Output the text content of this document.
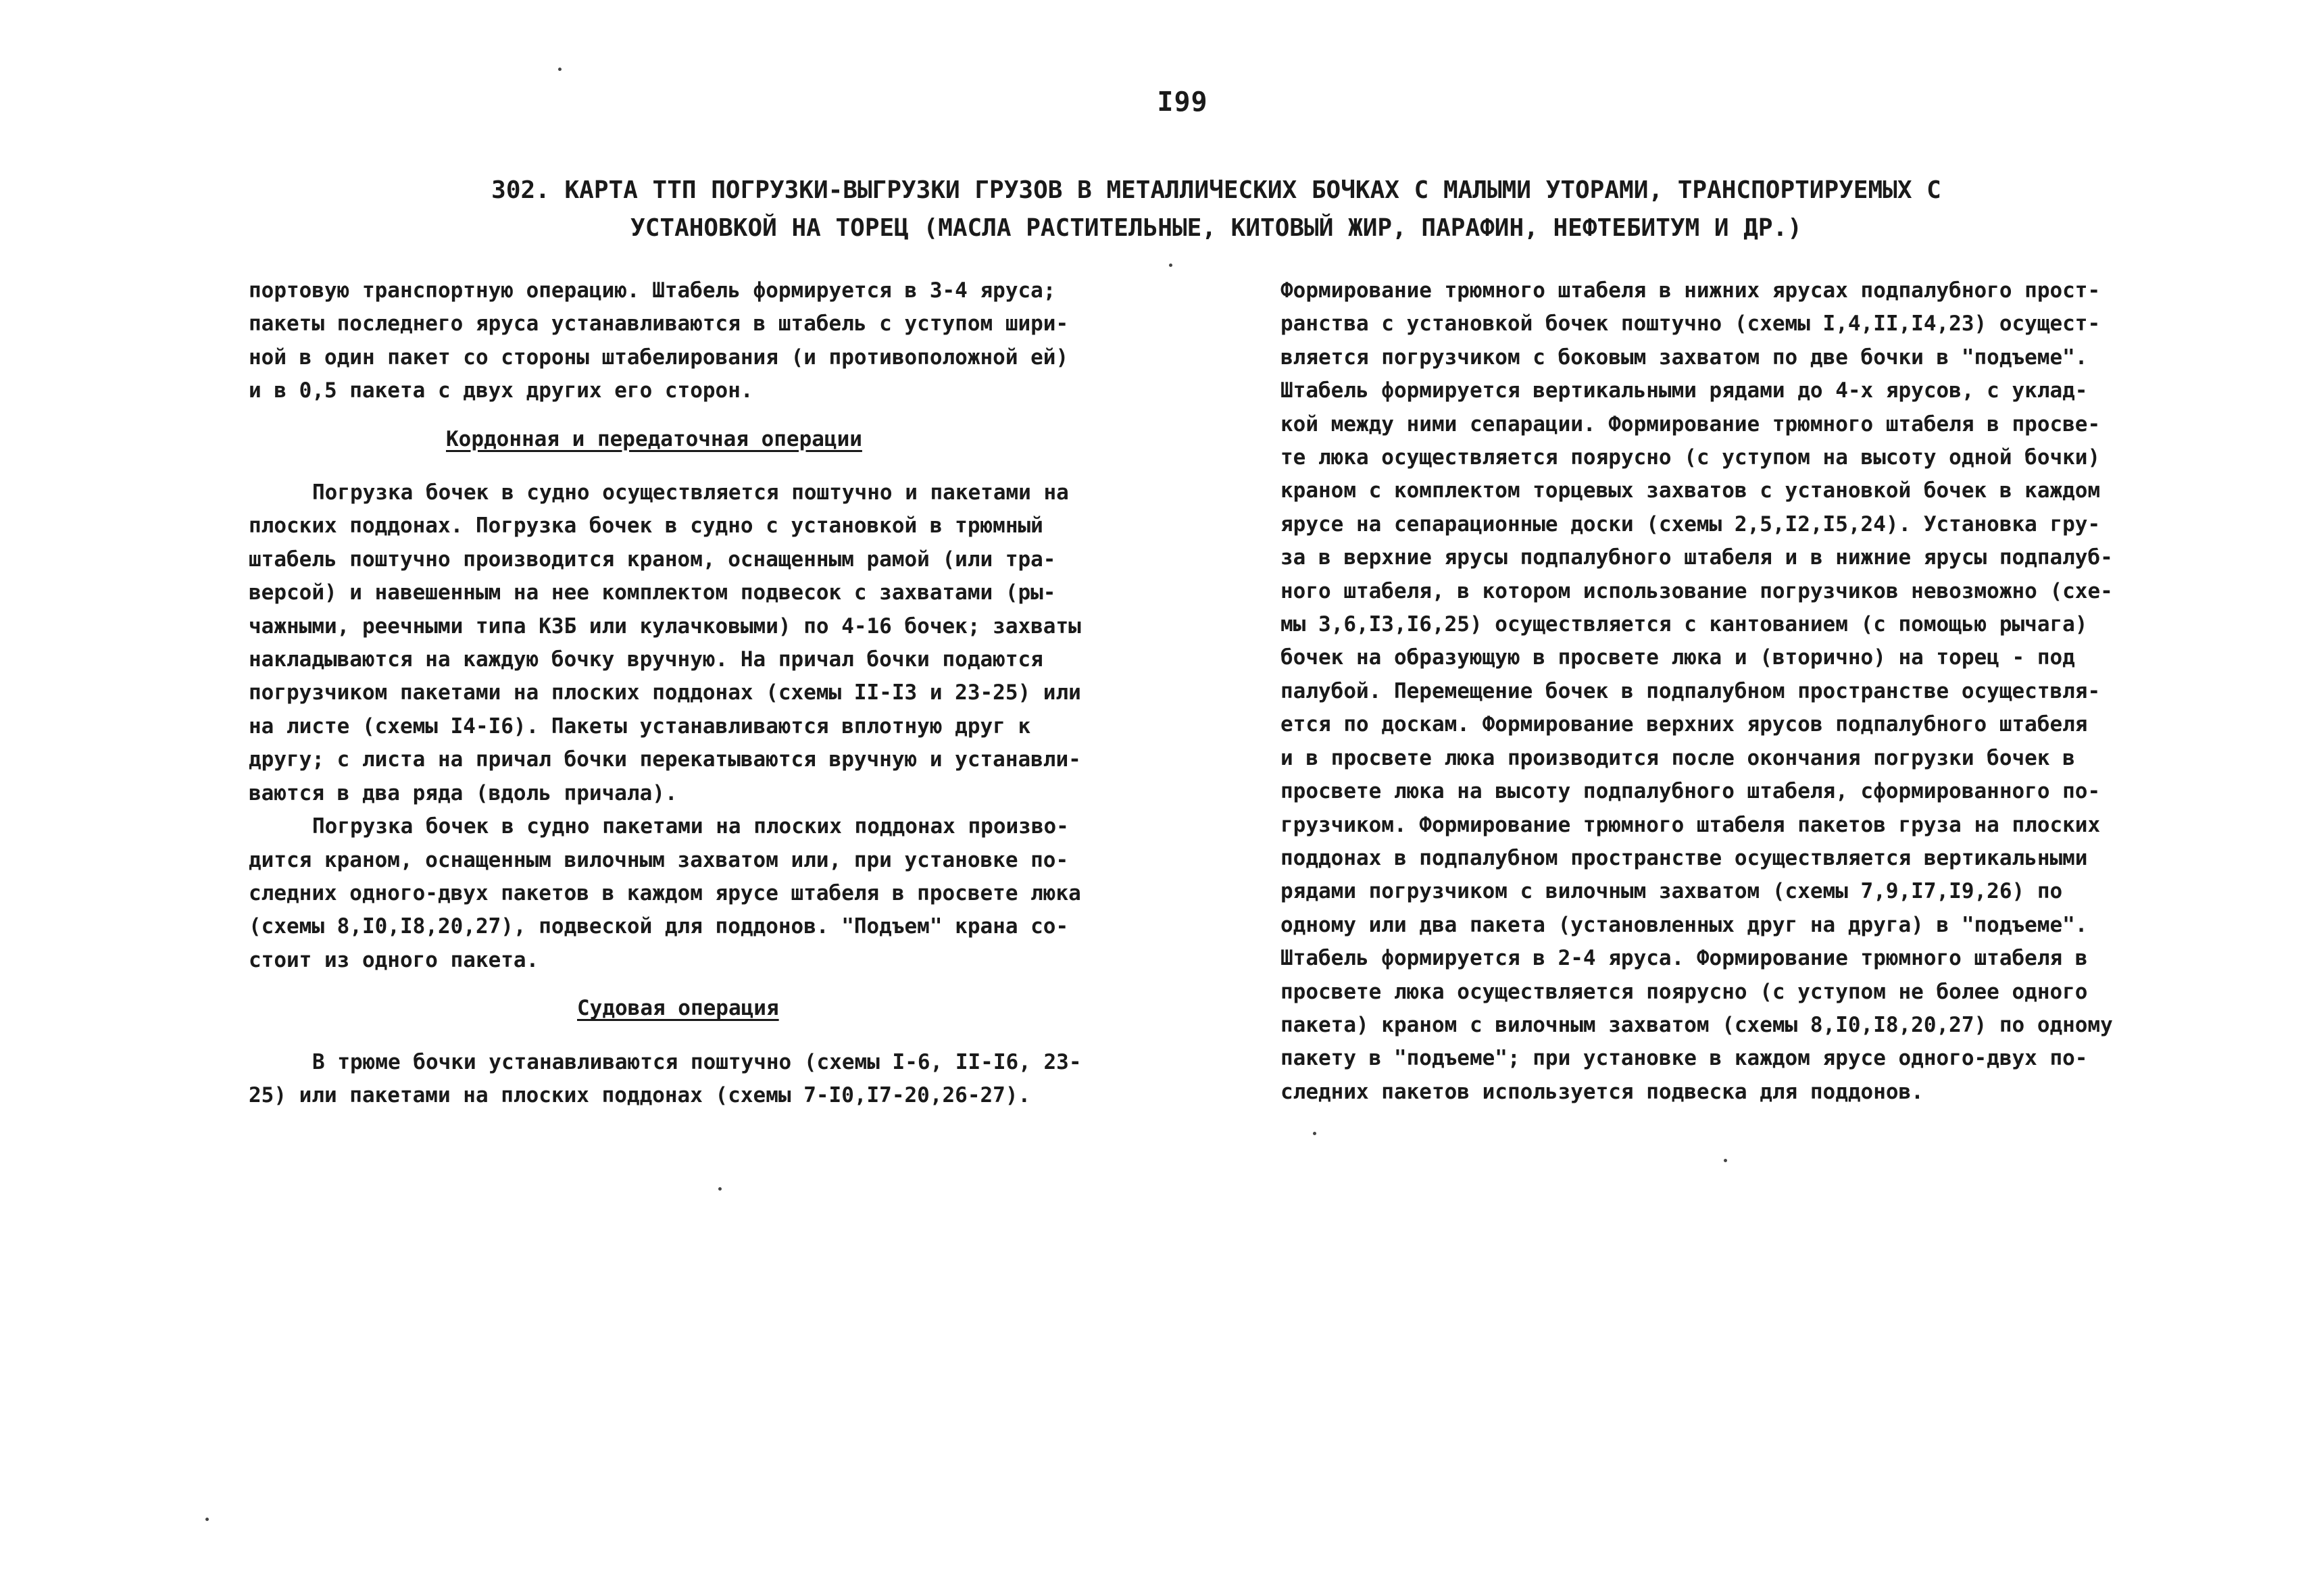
I99
302. КАРТА ТТП ПОГРУЗКИ-ВЫГРУЗКИ ГРУЗОВ В МЕТАЛЛИЧЕСКИХ БОЧКАХ С МАЛЫМИ УТОРАМИ, ТРАНСПОРТИРУЕМЫХ С
УСТАНОВКОЙ НА ТОРЕЦ (МАСЛА РАСТИТЕЛЬНЫЕ, КИТОВЫЙ ЖИР, ПАРАФИН, НЕФТЕБИТУМ И ДР.)
портовую транспортную операцию. Штабель формируется в 3-4 яруса;
пакеты последнего яруса устанавливаются в штабель с уступом шири-
ной в один пакет со стороны штабелирования (и противоположной ей)
и в 0,5 пакета с двух других его сторон.
Кордонная и передаточная операции
Погрузка бочек в судно осуществляется поштучно и пакетами на
плоских поддонах. Погрузка бочек в судно с установкой в трюмный
штабель поштучно производится краном, оснащенным рамой (или тра-
версой) и навешенным на нее комплектом подвесок с захватами (ры-
чажными, реечными типа КЗБ или кулачковыми) по 4-16 бочек; захваты
накладываются на каждую бочку вручную. На причал бочки подаются
погрузчиком пакетами на плоских поддонах (схемы II-I3 и 23-25) или
на листе (схемы I4-I6). Пакеты устанавливаются вплотную друг к
другу; с листа на причал бочки перекатываются вручную и устанавли-
ваются в два ряда (вдоль причала).
Погрузка бочек в судно пакетами на плоских поддонах произво-
дится краном, оснащенным вилочным захватом или, при установке по-
следних одного-двух пакетов в каждом ярусе штабеля в просвете люка
(схемы 8,I0,I8,20,27), подвеской для поддонов. "Подъем" крана со-
стоит из одного пакета.
Судовая операция
В трюме бочки устанавливаются поштучно (схемы I-6, II-I6, 23-
25) или пакетами на плоских поддонах (схемы 7-I0,I7-20,26-27).
Формирование трюмного штабеля в нижних ярусах подпалубного прост-
ранства с установкой бочек поштучно (схемы I,4,II,I4,23) осущест-
вляется погрузчиком с боковым захватом по две бочки в "подъеме".
Штабель формируется вертикальными рядами до 4-х ярусов, с уклад-
кой между ними сепарации. Формирование трюмного штабеля в просве-
те люка осуществляется поярусно (с уступом на высоту одной бочки)
краном с комплектом торцевых захватов с установкой бочек в каждом
ярусе на сепарационные доски (схемы 2,5,I2,I5,24). Установка гру-
за в верхние ярусы подпалубного штабеля и в нижние ярусы подпалуб-
ного штабеля, в котором использование погрузчиков невозможно (схе-
мы 3,6,I3,I6,25) осуществляется с кантованием (с помощью рычага)
бочек на образующую в просвете люка и (вторично) на торец - под
палубой. Перемещение бочек в подпалубном пространстве осуществля-
ется по доскам. Формирование верхних ярусов подпалубного штабеля
и в просвете люка производится после окончания погрузки бочек в
просвете люка на высоту подпалубного штабеля, сформированного по-
грузчиком. Формирование трюмного штабеля пакетов груза на плоских
поддонах в подпалубном пространстве осуществляется вертикальными
рядами погрузчиком с вилочным захватом (схемы 7,9,I7,I9,26) по
одному или два пакета (установленных друг на друга) в "подъеме".
Штабель формируется в 2-4 яруса. Формирование трюмного штабеля в
просвете люка осуществляется поярусно (с уступом не более одного
пакета) краном с вилочным захватом (схемы 8,I0,I8,20,27) по одному
пакету в "подъеме"; при установке в каждом ярусе одного-двух по-
следних пакетов используется подвеска для поддонов.
